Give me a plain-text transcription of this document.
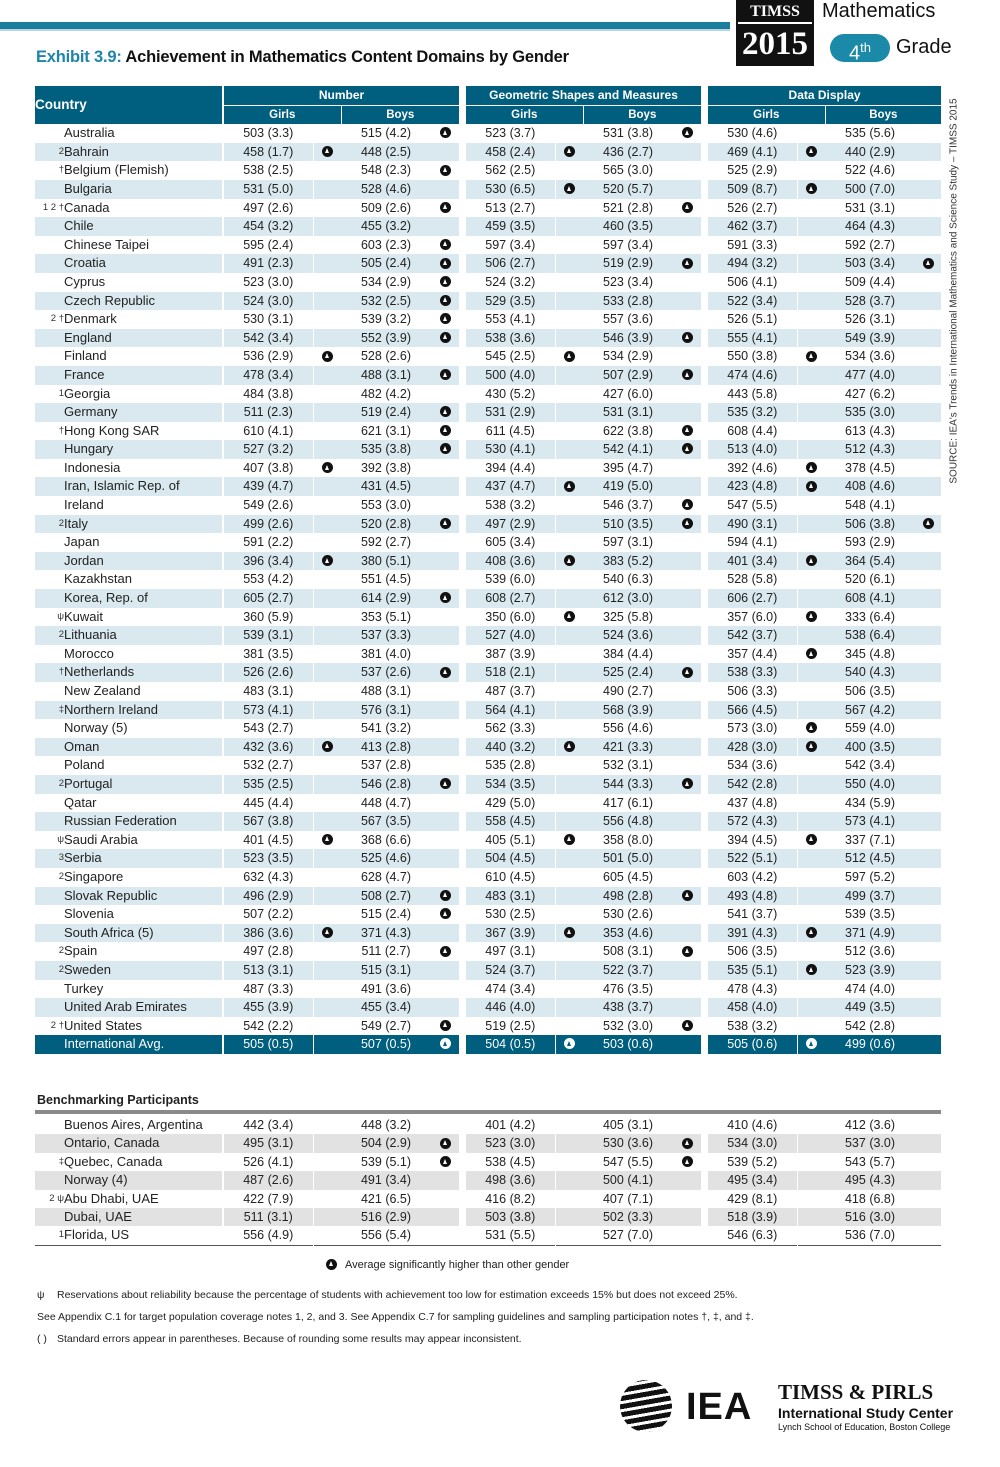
Exhibit 3.9: Achievement in Mathematics Content Domains by Gender
TIMSS
2015
Mathematics
4th	Grade
SOURCE: IEA's Trends in International Mathematics and Science Study – TIMSS 2015
Country			Number					Geometric Shapes and Measures					Data Display			
			Girls		Boys			Girls		Boys			Girls		Boys	
	Australia		503 (3.3)		515 (4.2)			523 (3.7)		531 (3.8)			530 (4.6)		535 (5.6)	
2	Bahrain		458 (1.7)		448 (2.5)			458 (2.4)		436 (2.7)			469 (4.1)		440 (2.9)	
†	Belgium (Flemish)		538 (2.5)		548 (2.3)			562 (2.5)		565 (3.0)			525 (2.9)		522 (4.6)	
	Bulgaria		531 (5.0)		528 (4.6)			530 (6.5)		520 (5.7)			509 (8.7)		500 (7.0)	
1 2 †	Canada		497 (2.6)		509 (2.6)			513 (2.7)		521 (2.8)			526 (2.7)		531 (3.1)	
	Chile		454 (3.2)		455 (3.2)			459 (3.5)		460 (3.5)			462 (3.7)		464 (4.3)	
	Chinese Taipei		595 (2.4)		603 (2.3)			597 (3.4)		597 (3.4)			591 (3.3)		592 (2.7)	
	Croatia		491 (2.3)		505 (2.4)			506 (2.7)		519 (2.9)			494 (3.2)		503 (3.4)	
	Cyprus		523 (3.0)		534 (2.9)			524 (3.2)		523 (3.4)			506 (4.1)		509 (4.4)	
	Czech Republic		524 (3.0)		532 (2.5)			529 (3.5)		533 (2.8)			522 (3.4)		528 (3.7)	
2 †	Denmark		530 (3.1)		539 (3.2)			553 (4.1)		557 (3.6)			526 (5.1)		526 (3.1)	
	England		542 (3.4)		552 (3.9)			538 (3.6)		546 (3.9)			555 (4.1)		549 (3.9)	
	Finland		536 (2.9)		528 (2.6)			545 (2.5)		534 (2.9)			550 (3.8)		534 (3.6)	
	France		478 (3.4)		488 (3.1)			500 (4.0)		507 (2.9)			474 (4.6)		477 (4.0)	
1	Georgia		484 (3.8)		482 (4.2)			430 (5.2)		427 (6.0)			443 (5.8)		427 (6.2)	
	Germany		511 (2.3)		519 (2.4)			531 (2.9)		531 (3.1)			535 (3.2)		535 (3.0)	
†	Hong Kong SAR		610 (4.1)		621 (3.1)			611 (4.5)		622 (3.8)			608 (4.4)		613 (4.3)	
	Hungary		527 (3.2)		535 (3.8)			530 (4.1)		542 (4.1)			513 (4.0)		512 (4.3)	
	Indonesia		407 (3.8)		392 (3.8)			394 (4.4)		395 (4.7)			392 (4.6)		378 (4.5)	
	Iran, Islamic Rep. of		439 (4.7)		431 (4.5)			437 (4.7)		419 (5.0)			423 (4.8)		408 (4.6)	
	Ireland		549 (2.6)		553 (3.0)			538 (3.2)		546 (3.7)			547 (5.5)		548 (4.1)	
2	Italy		499 (2.6)		520 (2.8)			497 (2.9)		510 (3.5)			490 (3.1)		506 (3.8)	
	Japan		591 (2.2)		592 (2.7)			605 (3.4)		597 (3.1)			594 (4.1)		593 (2.9)	
	Jordan		396 (3.4)		380 (5.1)			408 (3.6)		383 (5.2)			401 (3.4)		364 (5.4)	
	Kazakhstan		553 (4.2)		551 (4.5)			539 (6.0)		540 (6.3)			528 (5.8)		520 (6.1)	
	Korea, Rep. of		605 (2.7)		614 (2.9)			608 (2.7)		612 (3.0)			606 (2.7)		608 (4.1)	
ψ	Kuwait		360 (5.9)		353 (5.1)			350 (6.0)		325 (5.8)			357 (6.0)		333 (6.4)	
2	Lithuania		539 (3.1)		537 (3.3)			527 (4.0)		524 (3.6)			542 (3.7)		538 (6.4)	
	Morocco		381 (3.5)		381 (4.0)			387 (3.9)		384 (4.4)			357 (4.4)		345 (4.8)	
†	Netherlands		526 (2.6)		537 (2.6)			518 (2.1)		525 (2.4)			538 (3.3)		540 (4.3)	
	New Zealand		483 (3.1)		488 (3.1)			487 (3.7)		490 (2.7)			506 (3.3)		506 (3.5)	
‡	Northern Ireland		573 (4.1)		576 (3.1)			564 (4.1)		568 (3.9)			566 (4.5)		567 (4.2)	
	Norway (5)		543 (2.7)		541 (3.2)			562 (3.3)		556 (4.6)			573 (3.0)		559 (4.0)	
	Oman		432 (3.6)		413 (2.8)			440 (3.2)		421 (3.3)			428 (3.0)		400 (3.5)	
	Poland		532 (2.7)		537 (2.8)			535 (2.8)		532 (3.1)			534 (3.6)		542 (3.4)	
2	Portugal		535 (2.5)		546 (2.8)			534 (3.5)		544 (3.3)			542 (2.8)		550 (4.0)	
	Qatar		445 (4.4)		448 (4.7)			429 (5.0)		417 (6.1)			437 (4.8)		434 (5.9)	
	Russian Federation		567 (3.8)		567 (3.5)			558 (4.5)		556 (4.8)			572 (4.3)		573 (4.1)	
ψ	Saudi Arabia		401 (4.5)		368 (6.6)			405 (5.1)		358 (8.0)			394 (4.5)		337 (7.1)	
3	Serbia		523 (3.5)		525 (4.6)			504 (4.5)		501 (5.0)			522 (5.1)		512 (4.5)	
2	Singapore		632 (4.3)		628 (4.7)			610 (4.5)		605 (4.5)			603 (4.2)		597 (5.2)	
	Slovak Republic		496 (2.9)		508 (2.7)			483 (3.1)		498 (2.8)			493 (4.8)		499 (3.7)	
	Slovenia		507 (2.2)		515 (2.4)			530 (2.5)		530 (2.6)			541 (3.7)		539 (3.5)	
	South Africa (5)		386 (3.6)		371 (4.3)			367 (3.9)		353 (4.6)			391 (4.3)		371 (4.9)	
2	Spain		497 (2.8)		511 (2.7)			497 (3.1)		508 (3.1)			506 (3.5)		512 (3.6)	
2	Sweden		513 (3.1)		515 (3.1)			524 (3.7)		522 (3.7)			535 (5.1)		523 (3.9)	
	Turkey		487 (3.3)		491 (3.6)			474 (3.4)		476 (3.5)			478 (4.3)		474 (4.0)	
	United Arab Emirates		455 (3.9)		455 (3.4)			446 (4.0)		438 (3.7)			458 (4.0)		449 (3.5)	
2 †	United States		542 (2.2)		549 (2.7)			519 (2.5)		532 (3.0)			538 (3.2)		542 (2.8)	
	International Avg.		505 (0.5)		507 (0.5)			504 (0.5)		503 (0.6)			505 (0.6)		499 (0.6)	
Benchmarking Participants
	Buenos Aires, Argentina		442 (3.4)		448 (3.2)			401 (4.2)		405 (3.1)			410 (4.6)		412 (3.6)	
	Ontario, Canada		495 (3.1)		504 (2.9)			523 (3.0)		530 (3.6)			534 (3.0)		537 (3.0)	
‡	Quebec, Canada		526 (4.1)		539 (5.1)			538 (4.5)		547 (5.5)			539 (5.2)		543 (5.7)	
	Norway (4)		487 (2.6)		491 (3.4)			498 (3.6)		500 (4.1)			495 (3.4)		495 (4.3)	
2 ψ	Abu Dhabi, UAE		422 (7.9)		421 (6.5)			416 (8.2)		407 (7.1)			429 (8.1)		418 (6.8)	
	Dubai, UAE		511 (3.1)		516 (2.9)			503 (3.8)		502 (3.3)			518 (3.9)		516 (3.0)	
1	Florida, US		556 (4.9)		556 (5.4)			531 (5.5)		527 (7.0)			546 (6.3)		536 (7.0)	
Average significantly higher than other gender
ψ Reservations about reliability because the percentage of students with achievement too low for estimation exceeds 15% but does not exceed 25%.
See Appendix C.1 for target population coverage notes 1, 2, and 3. See Appendix C.7 for sampling guidelines and sampling participation notes †, ‡, and ‡.
( ) Standard errors appear in parentheses. Because of rounding some results may appear inconsistent.
IEA TIMSS & PIRLS
International Study Center
Lynch School of Education, Boston College
